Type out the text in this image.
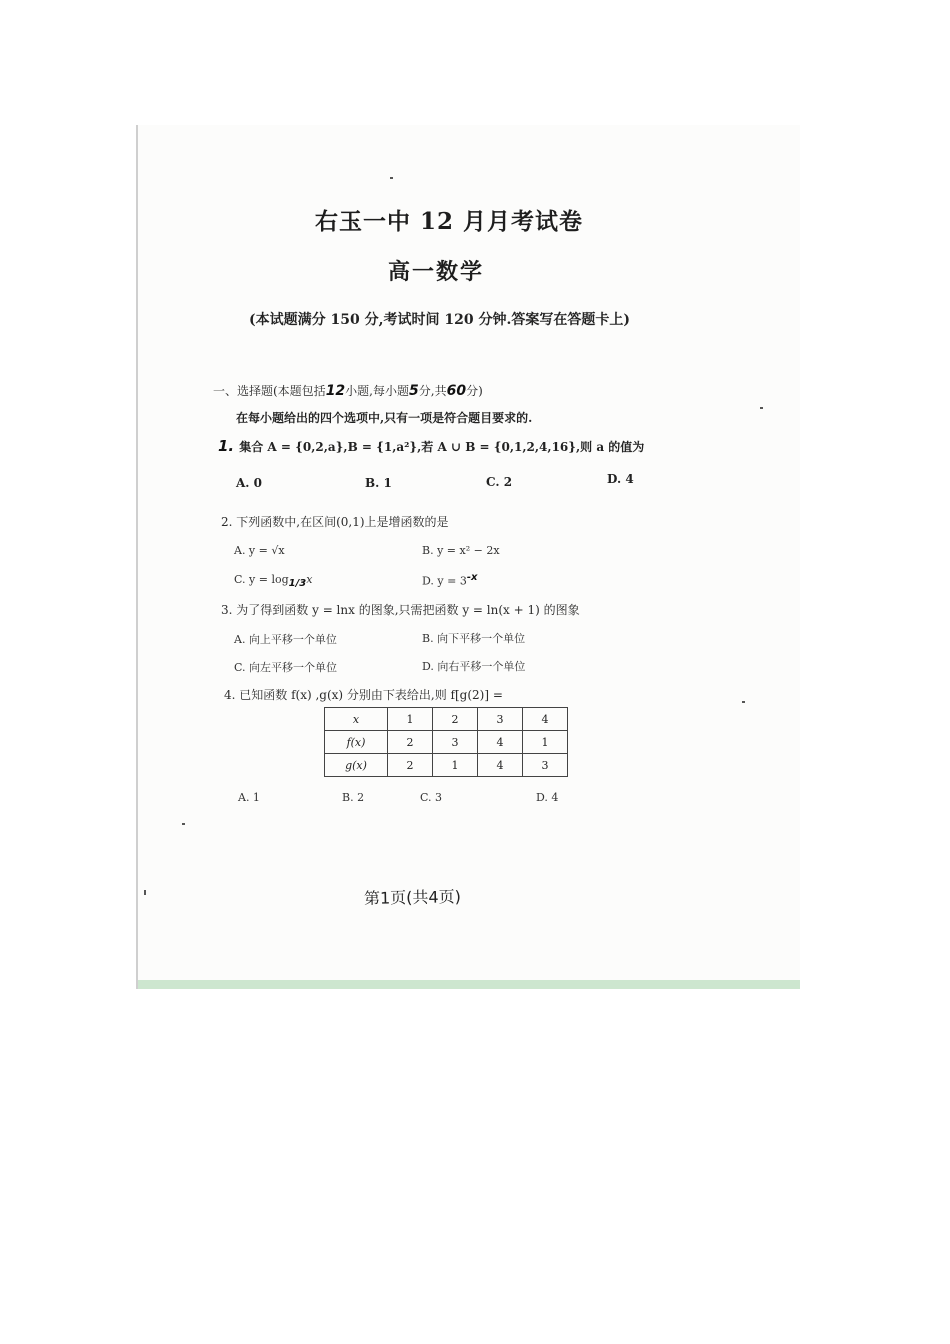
右玉一中 12 月月考试卷
高一数学
(本试题满分 150 分,考试时间 120 分钟.答案写在答题卡上)
一、选择题(本题包括12小题,每小题5分,共60分)
在每小题给出的四个选项中,只有一项是符合题目要求的.
1. 集合 A = {0,2,a},B = {1,a²},若 A ∪ B = {0,1,2,4,16},则 a 的值为
A. 0	B. 1	C. 2	D. 4
2. 下列函数中,在区间(0,1)上是增函数的是
A. y = √x	B. y = x² − 2x
C. $y = \log_{1/3}x$	D. $y = 3^{-x}$
3. 为了得到函数 y = lnx 的图象,只需把函数 y = ln(x + 1) 的图象
A. 向上平移一个单位	B. 向下平移一个单位
C. 向左平移一个单位	D. 向右平移一个单位
4. 已知函数 f(x) ,g(x) 分别由下表给出,则 f[g(2)] =
x	1	2	3	4
f(x)	2	3	4	1
g(x)	2	1	4	3
A. 1	B. 2	C. 3	D. 4
第1页(共4页)
